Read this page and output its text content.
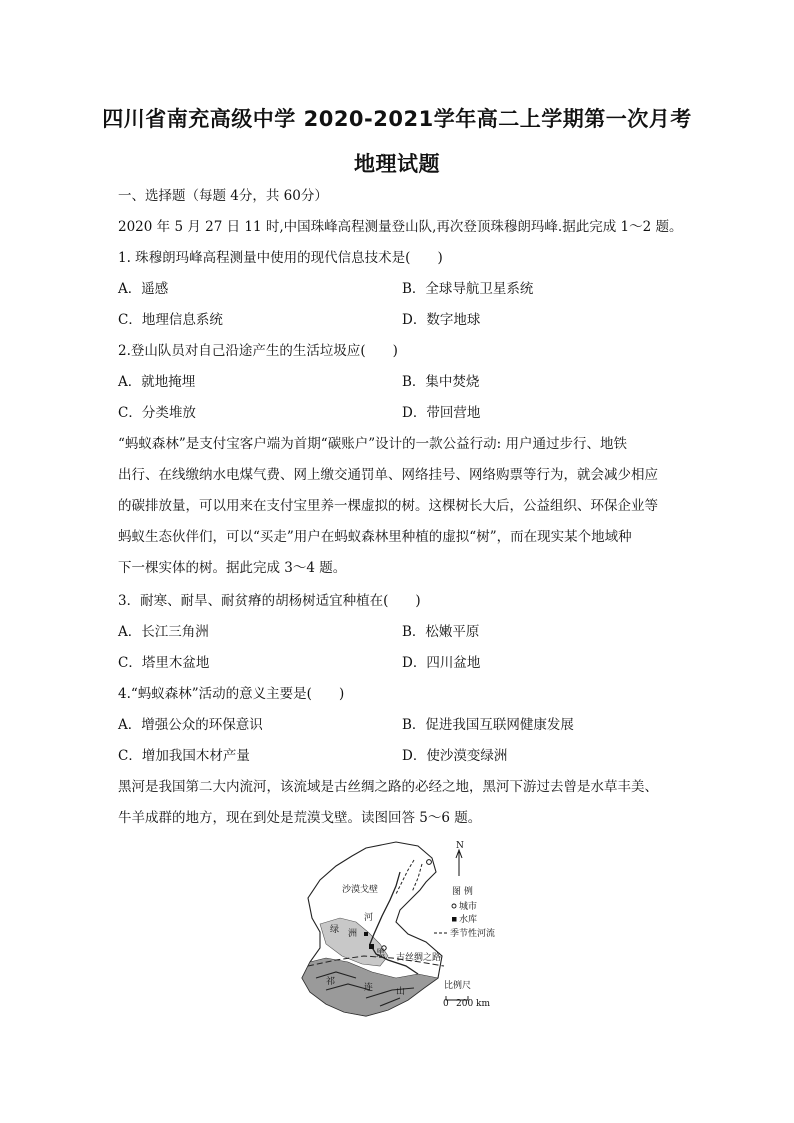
四川省南充高级中学 2020-2021学年高二上学期第一次月考
地理试题
一、选择题（每题 4分，共 60分）
2020 年 5 月 27 日 11 时,中国珠峰高程测量登山队,再次登顶珠穆朗玛峰.据此完成 1～2 题。
1. 珠穆朗玛峰高程测量中使用的现代信息技术是(　　)
A．遥感	B．全球导航卫星系统
C．地理信息系统	D．数字地球
2.登山队员对自己沿途产生的生活垃圾应(　　)
A．就地掩埋	B．集中焚烧
C．分类堆放	D．带回营地
“蚂蚁森林”是支付宝客户端为首期“碳账户”设计的一款公益行动: 用户通过步行、地铁
出行、在线缴纳水电煤气费、网上缴交通罚单、网络挂号、网络购票等行为，就会减少相应
的碳排放量，可以用来在支付宝里养一棵虚拟的树。这棵树长大后，公益组织、环保企业等
蚂蚁生态伙伴们，可以“买走”用户在蚂蚁森林里种植的虚拟“树”，而在现实某个地域种
下一棵实体的树。据此完成 3～4 题。
3．耐寒、耐旱、耐贫瘠的胡杨树适宜种植在(　　)
A．长江三角洲	B．松嫩平原
C．塔里木盆地	D．四川盆地
4.“蚂蚁森林”活动的意义主要是(　　)
A．增强公众的环保意识	B．促进我国互联网健康发展
C．增加我国木材产量	D．使沙漠变绿洲
黑河是我国第二大内流河，该流域是古丝绸之路的必经之地，黑河下游过去曾是水草丰美、
牛羊成群的地方，现在到处是荒漠戈壁。读图回答 5～6 题。
沙漠戈壁
河
绿 洲
黑 古丝绸之路
祁
连	山
N
图 例
城市
水库
季节性河流
比例尺
0 200 km
